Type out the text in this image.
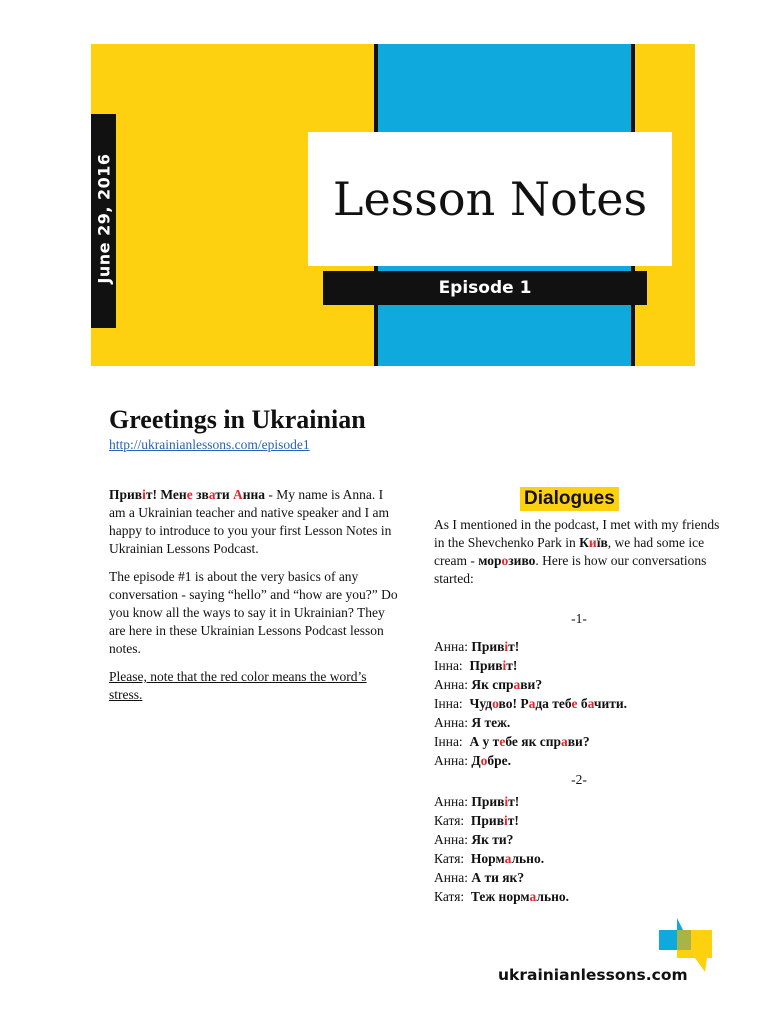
June 29, 2016	Lesson Notes
Episode 1
Greetings in Ukrainian
http://ukrainianlessons.com/episode1

Привіт! Мене звати Анна - My name is Anna. I am a Ukrainian teacher and native speaker and I am happy to introduce to you your first Lesson Notes in Ukrainian Lessons Podcast.

The episode #1 is about the very basics of any conversation - saying “hello” and “how are you?” Do you know all the ways to say it in Ukrainian? They are here in these Ukrainian Lessons Podcast lesson notes.

Please, note that the red color means the word’s stress.

Dialogues
As I mentioned in the podcast, I met with my friends in the Shevchenko Park in Київ, we had some ice cream - морозиво. Here is how our conversations started:
-1-
Анна: Привіт!
Інна: Привіт!
Анна: Як справи?
Інна: Чудово! Рада тебе бачити.
Анна: Я теж.
Інна: А у тебе як справи?
Анна: Добре.
-2-
Анна: Привіт!
Катя: Привіт!
Анна: Як ти?
Катя: Нормально.
Анна: А ти як?
Катя: Теж нормально.
ukrainianlessons.com
